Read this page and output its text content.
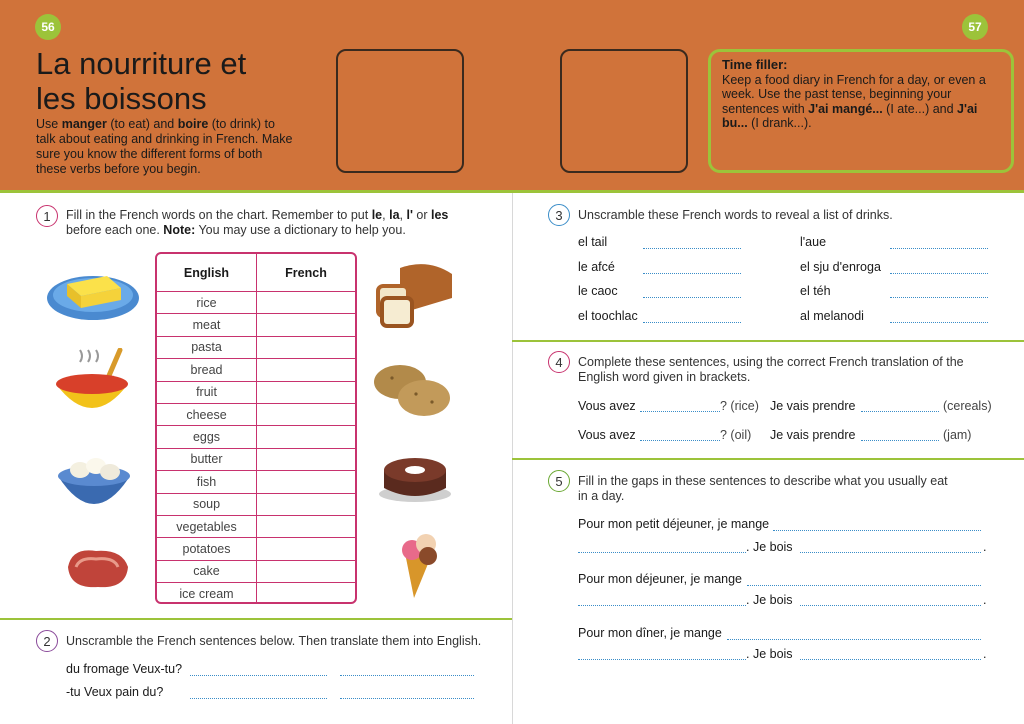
56	57
La nourriture et
les boissons
Use manger (to eat) and boire (to drink) to talk about eating and drinking in French. Make sure you know the different forms of both these verbs before you begin.
Time filler:
Keep a food diary in French for a day, or even a week. Use the past tense, beginning your sentences with J'ai mangé... (I ate...) and J'ai bu... (I drank...).
1	Fill in the French words on the chart. Remember to put le, la, l' or les before each one. Note: You may use a dictionary to help you.
English	French
rice
meat
pasta
bread
fruit
cheese
eggs
butter
fish
soup
vegetables
potatoes
cake
ice cream
2	Unscramble the French sentences below. Then translate them into English.
du fromage Veux-tu?
-tu Veux pain du?
3	Unscramble these French words to reveal a list of drinks.
el tail	l'aue
le afcé	el sju d'enroga
le caoc	el téh
el toochlac	al melanodi
4	Complete these sentences, using the correct French translation of the English word given in brackets.
Vous avez	? (rice) Je vais prendre	(cereals)
Vous avez	? (oil) Je vais prendre	(jam)
5	Fill in the gaps in these sentences to describe what you usually eat in a day.
Pour mon petit déjeuner, je mange
. Je bois	.
Pour mon déjeuner, je mange
. Je bois	.
Pour mon dîner, je mange
. Je bois	.
